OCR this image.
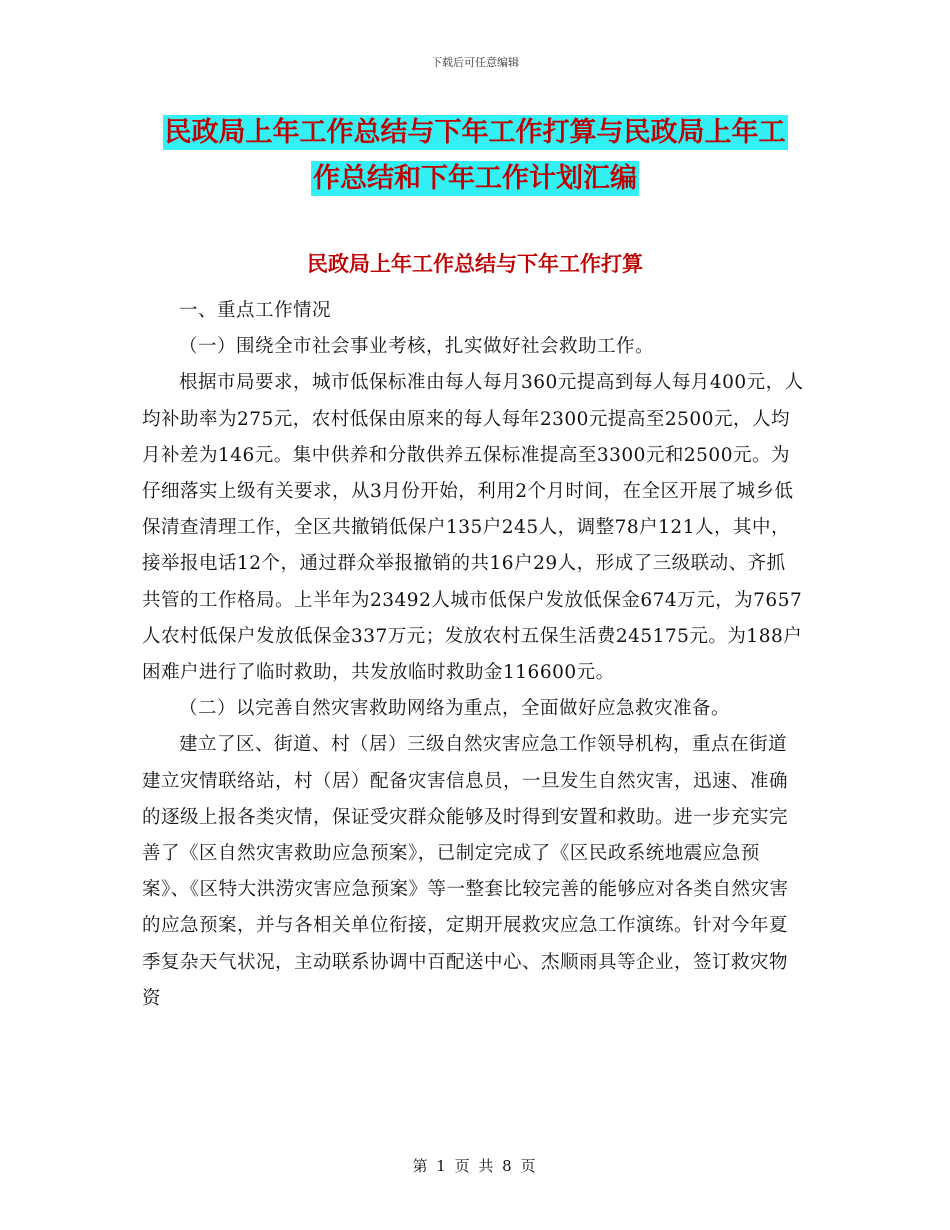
下载后可任意编辑
民政局上年工作总结与下年工作打算与民政局上年工
作总结和下年工作计划汇编
民政局上年工作总结与下年工作打算

一、重点工作情况

（一）围绕全市社会事业考核，扎实做好社会救助工作。

根据市局要求，城市低保标准由每人每月360元提高到每人每月400元，人均补助率为275元，农村低保由原来的每人每年2300元提高至2500元，人均月补差为146元。集中供养和分散供养五保标准提高至3300元和2500元。为仔细落实上级有关要求，从3月份开始，利用2个月时间，在全区开展了城乡低保清查清理工作，全区共撤销低保户135户245人，调整78户121人，其中，接举报电话12个，通过群众举报撤销的共16户29人，形成了三级联动、齐抓共管的工作格局。上半年为23492人城市低保户发放低保金674万元，为7657人农村低保户发放低保金337万元；发放农村五保生活费245175元。为188户困难户进行了临时救助，共发放临时救助金116600元。

（二）以完善自然灾害救助网络为重点，全面做好应急救灾准备。

建立了区、街道、村（居）三级自然灾害应急工作领导机构，重点在街道建立灾情联络站，村（居）配备灾害信息员，一旦发生自然灾害，迅速、准确的逐级上报各类灾情，保证受灾群众能够及时得到安置和救助。进一步充实完善了《区自然灾害救助应急预案》，已制定完成了《区民政系统地震应急预案》、《区特大洪涝灾害应急预案》等一整套比较完善的能够应对各类自然灾害的应急预案，并与各相关单位衔接，定期开展救灾应急工作演练。针对今年夏季复杂天气状况，主动联系协调中百配送中心、杰顺雨具等企业，签订救灾物资

第 1 页 共 8 页
